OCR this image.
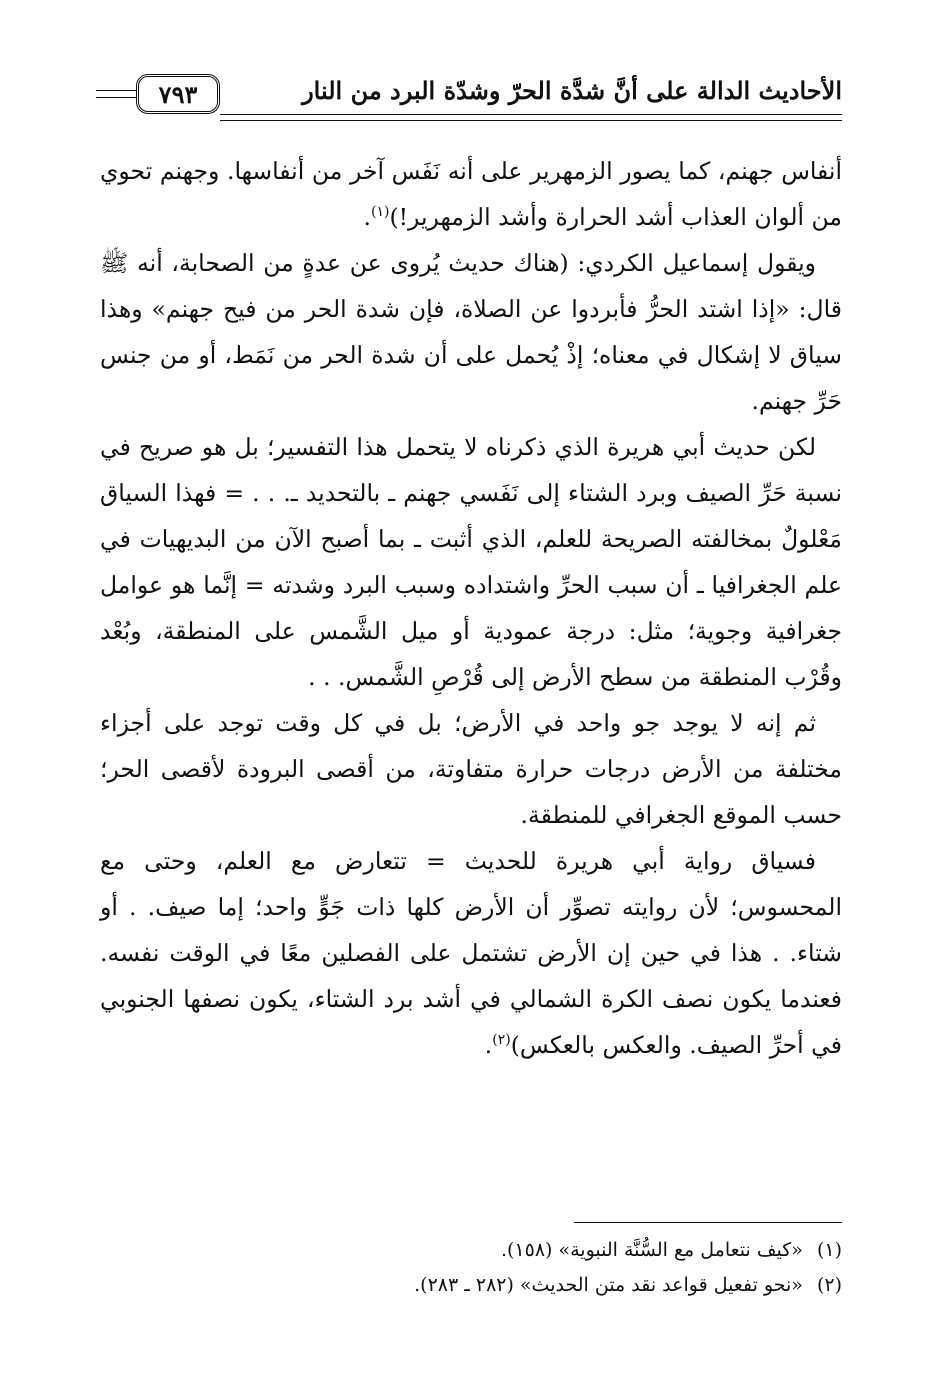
الأحاديث الدالة على أنَّ شدَّة الحرّ وشدّة البرد من النار
٧٩٣

أنفاس جهنم، كما يصور الزمهرير على أنه نَفَس آخر من أنفاسها. وجهنم تحوي من ألوان العذاب أشد الحرارة وأشد الزمهرير!)$^{(١)}$.

ويقول إسماعيل الكردي: (هناك حديث يُروى عن عدةٍ من الصحابة، أنه ﷺ قال: «إذا اشتد الحرُّ فأبردوا عن الصلاة، فإن شدة الحر من فيح جهنم» وهذا سياق لا إشكال في معناه؛ إذْ يُحمل على أن شدة الحر من نَمَط، أو من جنس حَرِّ جهنم.

لكن حديث أبي هريرة الذي ذكرناه لا يتحمل هذا التفسير؛ بل هو صريح في نسبة حَرِّ الصيف وبرد الشتاء إلى نَفَسي جهنم ـ بالتحديد ـ. . . = فهذا السياق مَعْلولٌ بمخالفته الصريحة للعلم، الذي أثبت ـ بما أصبح الآن من البديهيات في علم الجغرافيا ـ أن سبب الحرِّ واشتداده وسبب البرد وشدته = إنَّما هو عوامل جغرافية وجوية؛ مثل: درجة عمودية أو ميل الشَّمس على المنطقة، وبُعْد وقُرْب المنطقة من سطح الأرض إلى قُرْصِ الشَّمس. . .

ثم إنه لا يوجد جو واحد في الأرض؛ بل في كل وقت توجد على أجزاء مختلفة من الأرض درجات حرارة متفاوتة، من أقصى البرودة لأقصى الحر؛ حسب الموقع الجغرافي للمنطقة.

فسياق رواية أبي هريرة للحديث = تتعارض مع العلم، وحتى مع المحسوس؛ لأن روايته تصوِّر أن الأرض كلها ذات جَوٍّ واحد؛ إما صيف. . أو شتاء. . هذا في حين إن الأرض تشتمل على الفصلين معًا في الوقت نفسه. فعندما يكون نصف الكرة الشمالي في أشد برد الشتاء، يكون نصفها الجنوبي في أحرِّ الصيف. والعكس بالعكس)$^{(٢)}$.

(١)«كيف نتعامل مع السُّنَّة النبوية» (١٥٨).

(٢)«نحو تفعيل قواعد نقد متن الحديث» (٢٨٢ ـ ٢٨٣).
